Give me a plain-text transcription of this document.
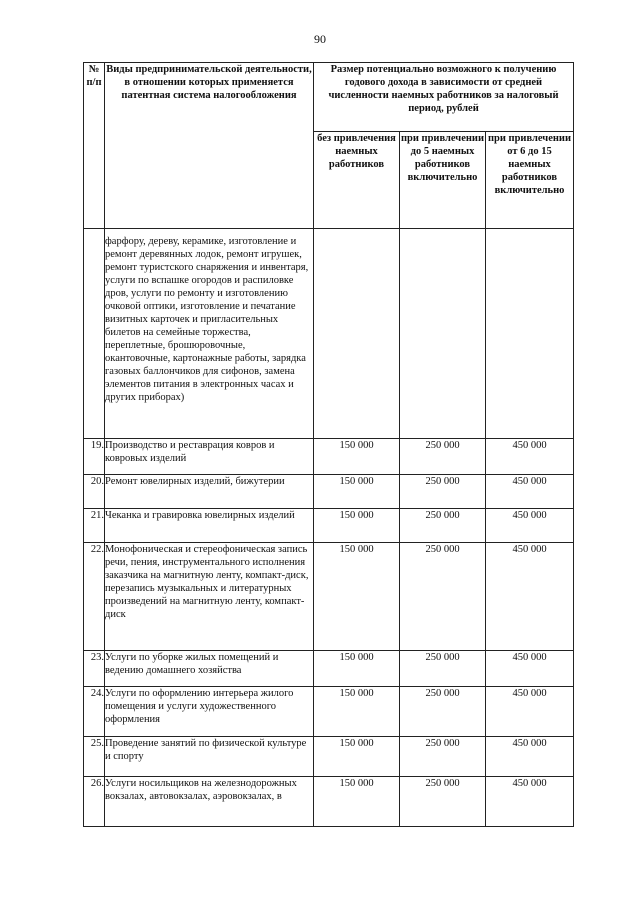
90
№ п/п	Виды предпринимательской деятельности, в отношении которых применяется патентная система налогообложения	Размер потенциально возможного к получению годового дохода в зависимости от средней численности наемных работников за налоговый период, рублей		
		без привлечения наемных работников	при привлечении до 5 наемных работников включительно	при привлечении от 6 до 15 наемных работников включительно
	фарфору, дереву, керамике, изготовление и ремонт деревянных лодок, ремонт игрушек, ремонт туристского снаряжения и инвентаря, услуги по вспашке огородов и распиловке дров, услуги по ремонту и изготовлению очковой оптики, изготовление и печатание визитных карточек и пригласительных билетов на семейные торжества, переплетные, брошюровочные, окантовочные, картонажные работы, зарядка газовых баллончиков для сифонов, замена элементов питания в электронных часах и других приборах)			
19.	Производство и реставрация ковров и ковровых изделий	150 000	250 000	450 000
20.	Ремонт ювелирных изделий, бижутерии	150 000	250 000	450 000
21.	Чеканка и гравировка ювелирных изделий	150 000	250 000	450 000
22.	Монофоническая и стереофоническая запись речи, пения, инструментального исполнения заказчика на магнитную ленту, компакт-диск, перезапись музыкальных и литературных произведений на магнитную ленту, компакт-диск	150 000	250 000	450 000
23.	Услуги по уборке жилых помещений и ведению домашнего хозяйства	150 000	250 000	450 000
24.	Услуги по оформлению интерьера жилого помещения и услуги художественного оформления	150 000	250 000	450 000
25.	Проведение занятий по физической культуре и спорту	150 000	250 000	450 000
26.	Услуги носильщиков на железнодорожных вокзалах, автовокзалах, аэровокзалах, в	150 000	250 000	450 000
